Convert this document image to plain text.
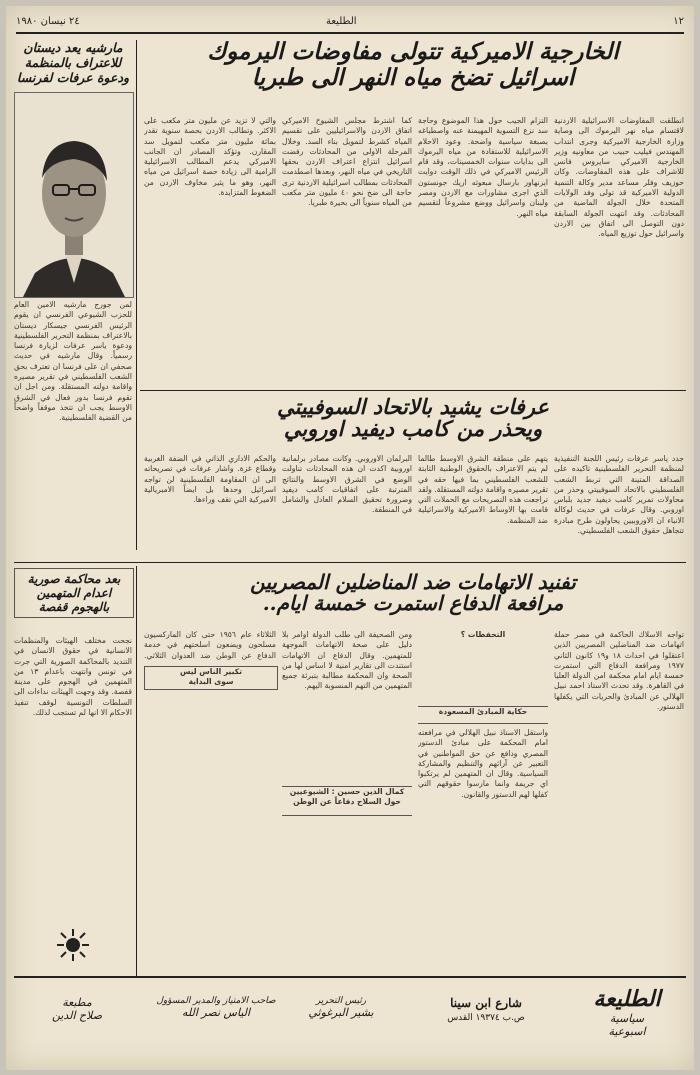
٢٤ نيسان ١٩٨٠	الطليعة	١٢
مارشيه يعد ديستان
للاعتراف بالمنظمة
ودعوة عرفات لفرنسا
لمن جورج مارشيه الامين العام للحزب الشيوعي الفرنسي ان يقوم الرئيس الفرنسي جيسكار ديستان بالاعتراف بمنظمة التحرير الفلسطينية ودعوة ياسر عرفات لزيارة فرنسا رسمياً. وقال مارشيه في حديث صحفي ان على فرنسا ان تعترف بحق الشعب الفلسطيني في تقرير مصيره واقامة دولته المستقلة. ومن اجل ان تقوم فرنسا بدور فعال في الشرق الاوسط يجب ان تتخذ موقفاً واضحاً من القضية الفلسطينية.
الخارجية الاميركية تتولى مفاوضات اليرموك
اسرائيل تضخ مياه النهر الى طبريا
انطلقت المفاوضات الاسرائيلية الاردنية لاقتسام مياه نهر اليرموك الى وصاية وزارة الخارجية الاميركية وجرى انتداب المهندس فيليب حبيب من معاونيه وزير الخارجية الاميركي سايروس فانس للاشراف على هذه المفاوضات. وكان حوزيف وفلر مساعد مدير وكالة التنمية الدولية الاميركية قد تولى وفد الولايات المتحدة خلال الجولة الماضية من المحادثات. وقد انتهت الجولة السابقة دون التوصل الى اتفاق بين الاردن واسرائيل حول توزيع المياه.
التزام الجيب حول هذا الموضوع وحاجة سد نزع التسوية المهيمنة عنه واصطباغه بصبغة سياسية واضحة. وعود الاحلام الاسرائيلية للاستفادة من مياه اليرموك الى بدايات سنوات الخمسينات، وقد قام الرئيس الاميركي في ذلك الوقت دوايت ايزنهاور بارسال مبعوثه اريك جونستون الذي اجرى مشاورات مع الاردن ومصر ولبنان واسرائيل ووضع مشروعاً لتقسيم مياه النهر.
كما اشترط مجلس الشيوخ الاميركي اتفاق الاردن والاسرائيليين على تقسيم المياه كشرط لتمويل بناء السد. وخلال المرحلة الاولى من المحادثات رفضت اسرائيل انتزاع اعتراف الاردن بحقها التاريخي في مياه النهر، وبعدها اصطدمت المحادثات بمطالب اسرائيلية الاردنية ترى حاجة الى ضخ نحو ٤٠ مليون متر مكعب من المياه سنوياً الى بحيرة طبريا.
والتي لا تزيد عن مليون متر مكعب على الاكثر. وتطالب الاردن بحصة سنوية تقدر بمائة مليون متر مكعب لتمويل سد المقارن. وتؤكد المصادر ان الجانب الاميركي يدعم المطالب الاسرائيلية الرامية الى زيادة حصة اسرائيل من مياه النهر، وهو ما يثير مخاوف الاردن من الضغوط المتزايدة.
عرفات يشيد بالاتحاد السوفييتي
ويحذر من كامب ديفيد اوروبي
جدد ياسر عرفات رئيس اللجنة التنفيذية لمنظمة التحرير الفلسطينية تاكيده على الصداقة المتينة التي تربط الشعب الفلسطيني بالاتحاد السوفييتي وحذر من محاولات تمرير كامب ديفيد جديد بلباس اوروبي. وقال عرفات في حديث لوكالة الانباء ان الاوروبيين يحاولون طرح مبادرة تتجاهل حقوق الشعب الفلسطيني.
يتهم على منطقة الشرق الاوسط طالما لم يتم الاعتراف بالحقوق الوطنية الثابتة للشعب الفلسطيني بما فيها حقه في تقرير مصيره واقامة دولته المستقلة. ولقد تراجعت هذه التصريحات مع الحملات التي قامت بها الاوساط الاميركية والاسرائيلية ضد المنظمة.
البرلمان الاوروبي. وكانت مصادر برلمانية اوروبية اكدت ان هذه المحادثات تناولت الوضع في الشرق الاوسط والنتائج المترتبة على اتفاقيات كامب ديفيد وضرورة تحقيق السلام العادل والشامل في المنطقة.
والحكم الاداري الذاتي في الضفة الغربية وقطاع غزة. واشار عرفات في تصريحاته الى ان المقاومة الفلسطينية لن تواجه اسرائيل وحدها بل ايضاً الامبريالية الاميركية التي تقف وراءها.
بعد محاكمة صورية
اعدام المتهمين
بالهجوم قفصة
نجحت مختلف الهيئات والمنظمات الانسانية في حقوق الانسان في التنديد بالمحاكمة الصورية التي جرت في تونس وانتهت باعدام ١٣ من المتهمين في الهجوم على مدينة قفصة. وقد وجهت الهيئات نداءات الى السلطات التونسية لوقف تنفيذ الاحكام الا انها لم تستجب لذلك.
تفنيد الاتهامات ضد المناضلين المصريين
مرافعة الدفاع استمرت خمسة ايام..
تواجه الاسلاك الحاكمة في مصر حملة اتهامات ضد المناضلين المصريين الذين اعتقلوا في احداث ١٨ و١٩ كانون الثاني ١٩٧٧ ومرافعة الدفاع التي استمرت خمسة ايام امام محكمة امن الدولة العليا في القاهرة. وقد تحدث الاستاذ احمد نبيل الهلالي عن المبادئ والحريات التي يكفلها الدستور.
التحفظات ؟
حكاية المبادئ المسعودة
واستقل الاستاذ نبيل الهلالي في مرافعته امام المحكمة على مبادئ الدستور المصري ودافع عن حق المواطنين في التعبير عن آرائهم والتنظيم والمشاركة السياسية. وقال ان المتهمين لم يرتكبوا اي جريمة وانما مارسوا حقوقهم التي كفلها لهم الدستور والقانون.
ومن الصحيفة الى طلب الدولة اوامر بلا دليل على صحة الاتهامات الموجهة للمتهمين. وقال الدفاع ان الاتهامات استندت الى تقارير امنية لا اساس لها من الصحة وان المحكمة مطالبة بتبرئة جميع المتهمين من التهم المنسوبة اليهم.
كمال الدين حسين : الشيوعيين حول السلاح دفاعاً عن الوطن
الثلاثاء عام ١٩٥٦ حتى كان الماركسيون مسلحون ويضعون اسلحتهم في خدمة الدفاع عن الوطن ضد العدوان الثلاثي.
تكبير الناس ليس
سوى البداية
الطليعة
سياسية
اسبوعية
شارع ابن سينا
ص.ب ١٩٣٧٤ القدس
رئيس التحرير
بشير البرغوثي
صاحب الامتياز والمدير المسؤول
الياس نصر الله
مطبعة
صلاح الدين
